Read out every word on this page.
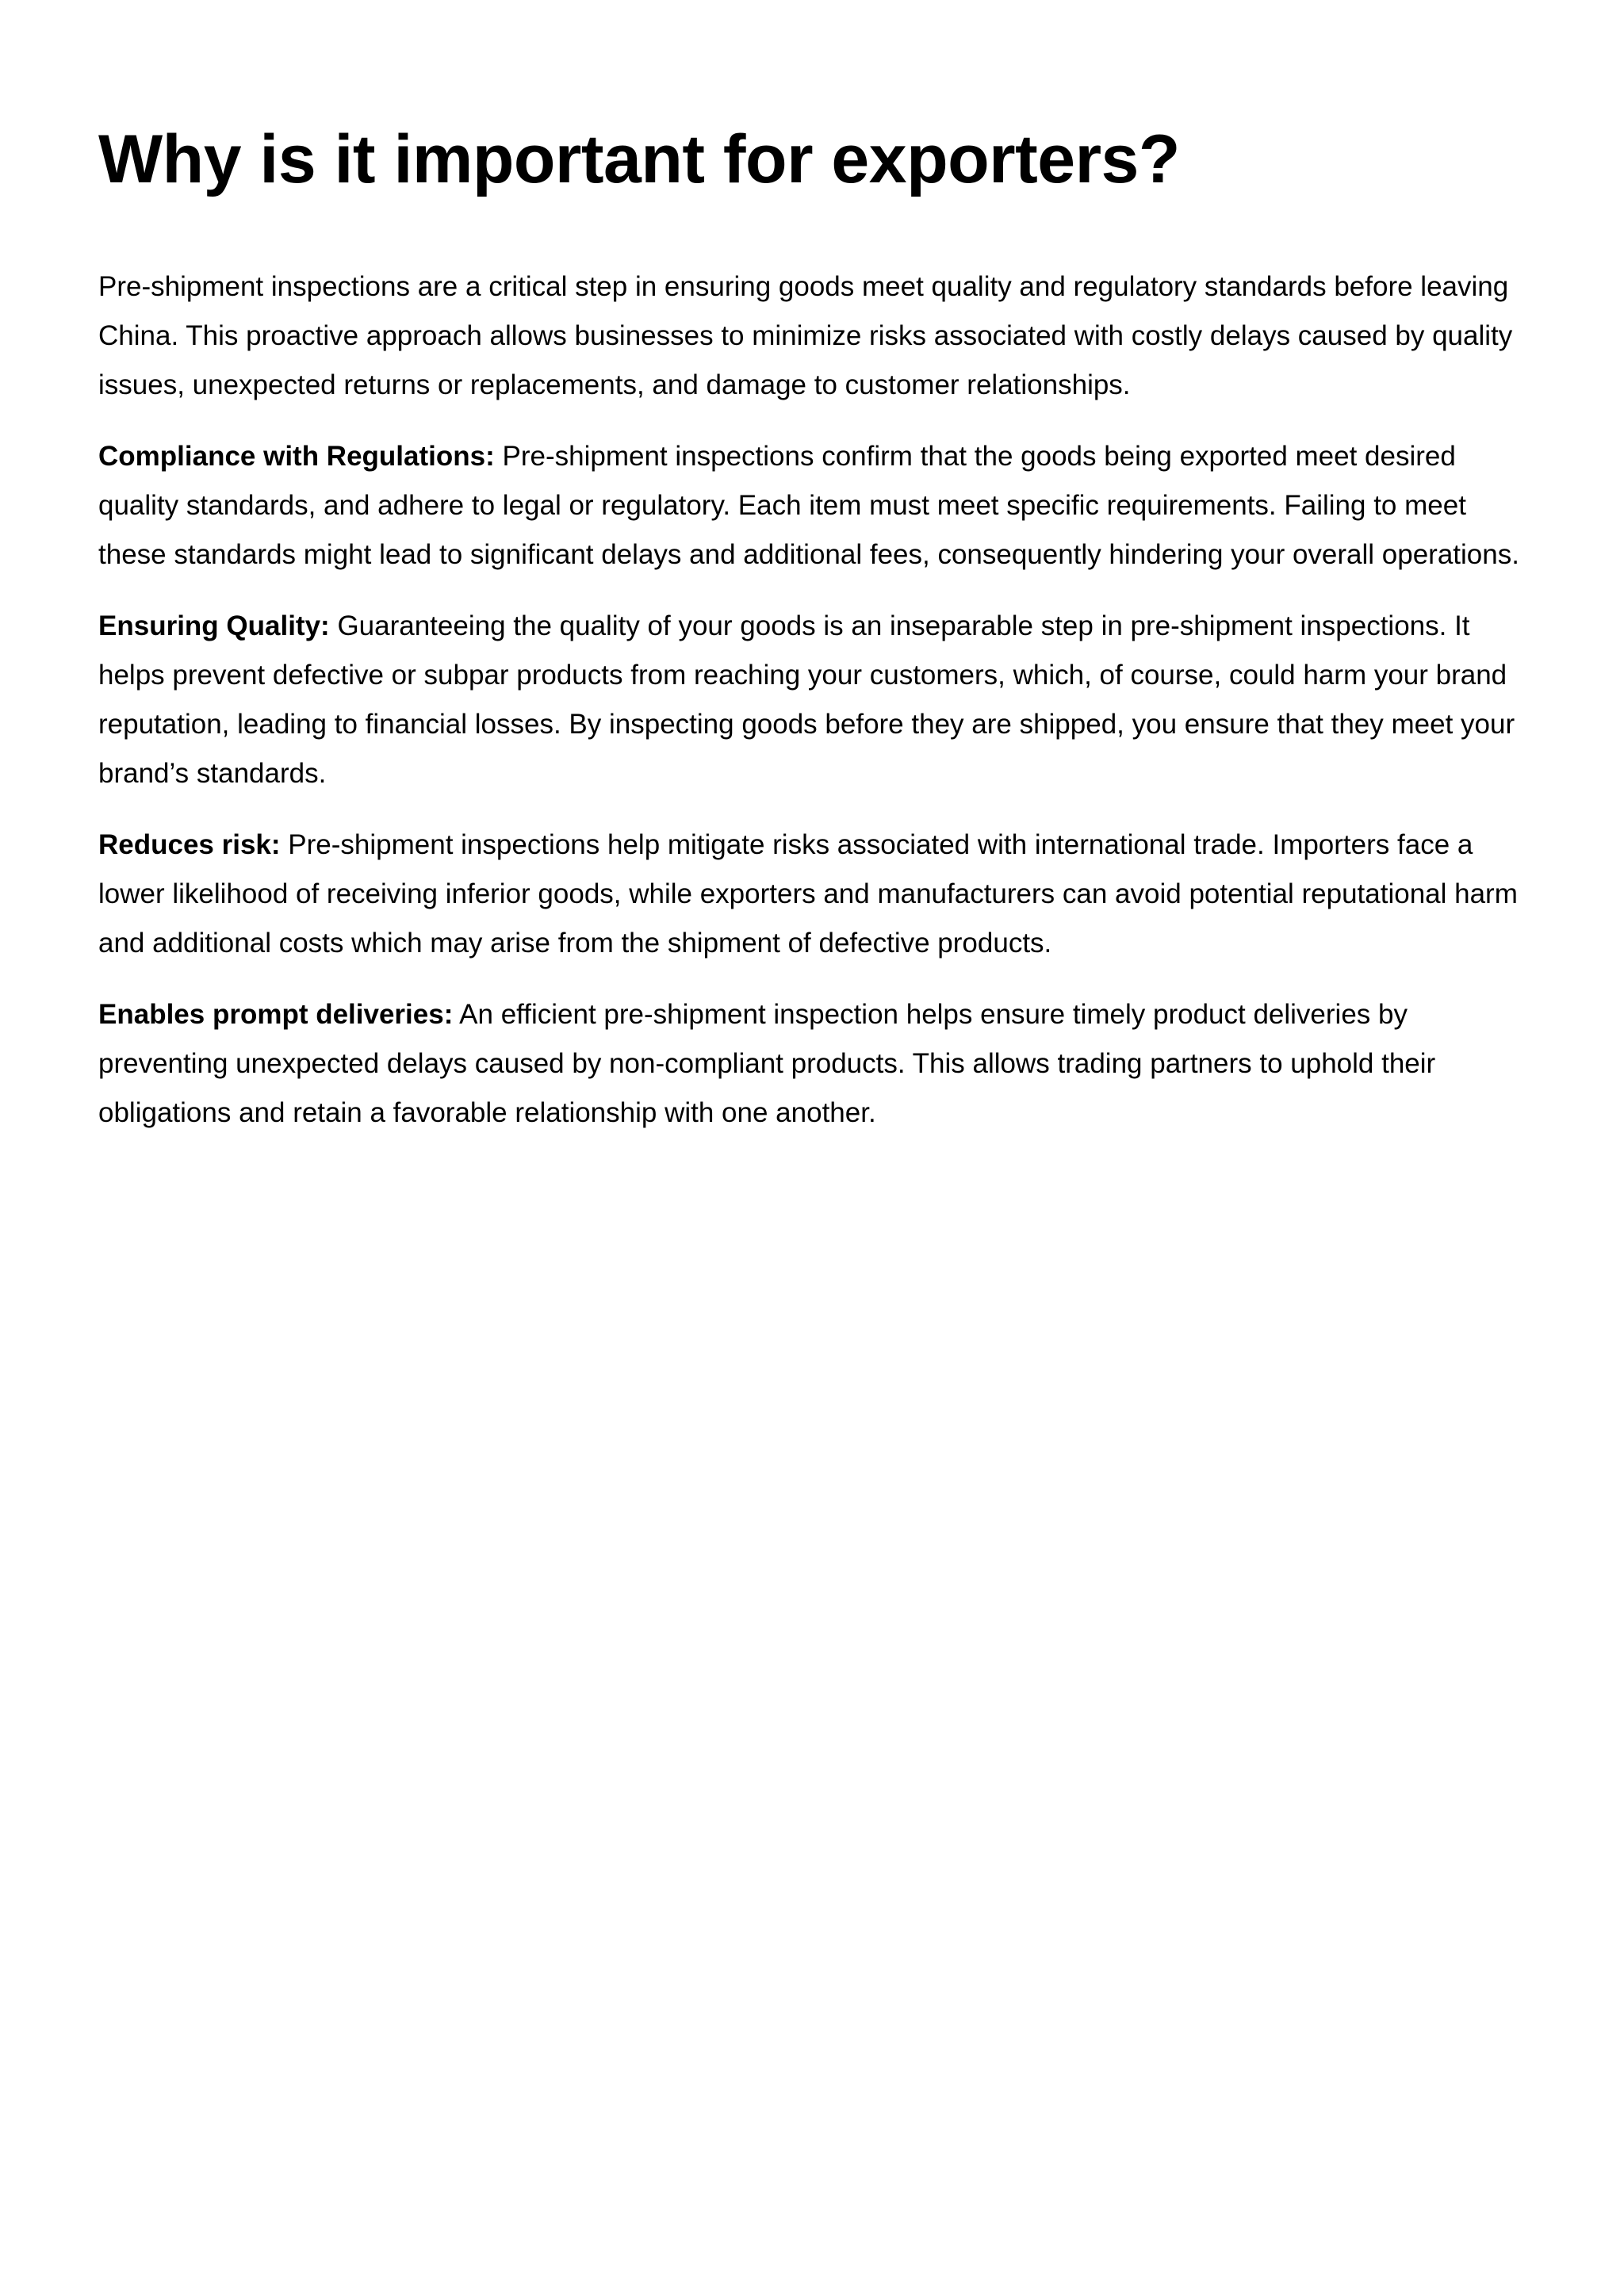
Why is it important for exporters?

Pre-shipment inspections are a critical step in ensuring goods meet quality and regulatory standards before leaving China. This proactive approach allows businesses to minimize risks associated with costly delays caused by quality issues, unexpected returns or replacements, and damage to customer relationships.

Compliance with Regulations: Pre-shipment inspections confirm that the goods being exported meet desired quality standards, and adhere to legal or regulatory. Each item must meet specific requirements. Failing to meet these standards might lead to significant delays and additional fees, consequently hindering your overall operations.

Ensuring Quality: Guaranteeing the quality of your goods is an inseparable step in pre-shipment inspections. It helps prevent defective or subpar products from reaching your customers, which, of course, could harm your brand reputation, leading to financial losses. By inspecting goods before they are shipped, you ensure that they meet your brand’s standards.

Reduces risk: Pre-shipment inspections help mitigate risks associated with international trade. Importers face a lower likelihood of receiving inferior goods, while exporters and manufacturers can avoid potential reputational harm and additional costs which may arise from the shipment of defective products.

Enables prompt deliveries: An efficient pre-shipment inspection helps ensure timely product deliveries by preventing unexpected delays caused by non-compliant products. This allows trading partners to uphold their obligations and retain a favorable relationship with one another.
